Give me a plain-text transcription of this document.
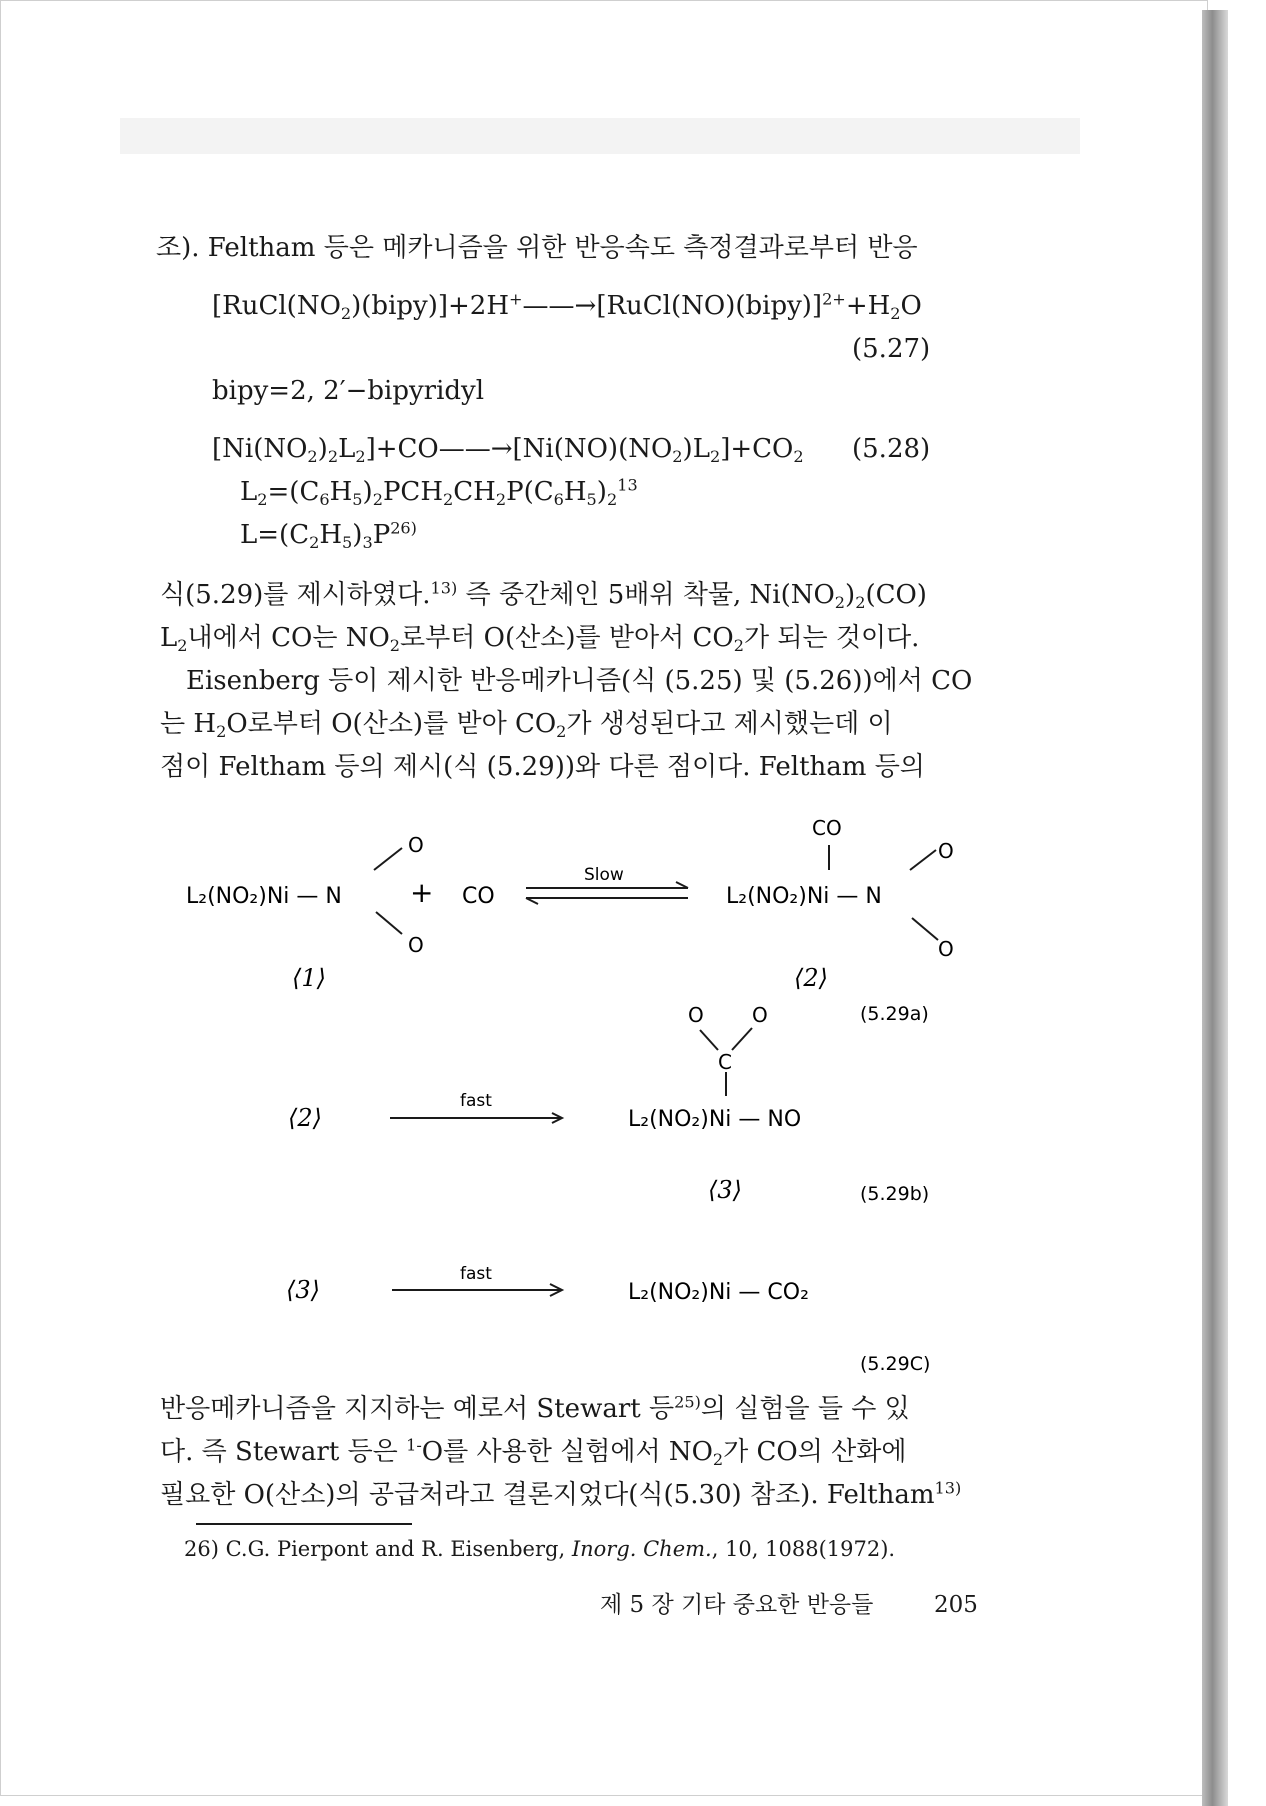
조). Feltham 등은 메카니즘을 위한 반응속도 측정결과로부터 반응
$[RuCl(NO_2)(bipy)]+2H^+——\to[RuCl(NO)(bipy)]^{2+}+H_2O$
(5.27)
bipy=2, 2′−bipyridyl
$[Ni(NO_2)_2L_2]+CO——\to[Ni(NO)(NO_2)L_2]+CO_2$ (5.28)
$L_2=(C_6H_5)_2PCH_2CH_2P(C_6H_5)_2^{13}$
$L=(C_2H_5)_3P^{26)}$
식(5.29)를 제시하였다.$^{13)}$ 즉 중간체인 5배위 착물, $Ni(NO_2)_2(CO)$
$L_2$내에서 CO는 $NO_2$로부터 O(산소)를 받아서 $CO_2$가 되는 것이다.
Eisenberg 등이 제시한 반응메카니즘(식 (5.25) 및 (5.26))에서 CO
는 $H_2O$로부터 O(산소)를 받아 $CO_2$가 생성된다고 제시했는데 이
점이 Feltham 등의 제시(식 (5.29))와 다른 점이다. Feltham 등의
L₂(NO₂)Ni — N
O
O
+ CO
Slow
L₂(NO₂)Ni — N
CO
O
O
⟨1⟩	⟨2⟩
(5.29a)
O O
C
⟨2⟩
fast
L₂(NO₂)Ni — NO
⟨3⟩	(5.29b)
⟨3⟩
fast
L₂(NO₂)Ni — CO₂
(5.29C)
반응메카니즘을 지지하는 예로서 Stewart 등$^{25)}$의 실험을 들 수 있
다. 즉 Stewart 등은 $^{1-}$O를 사용한 실험에서 $NO_2$가 CO의 산화에
필요한 O(산소)의 공급처라고 결론지었다(식(5.30) 참조). Feltham$^{13)}$
26) C.G. Pierpont and R. Eisenberg, Inorg. Chem., 10, 1088(1972).
제 5 장 기타 중요한 반응들	205
